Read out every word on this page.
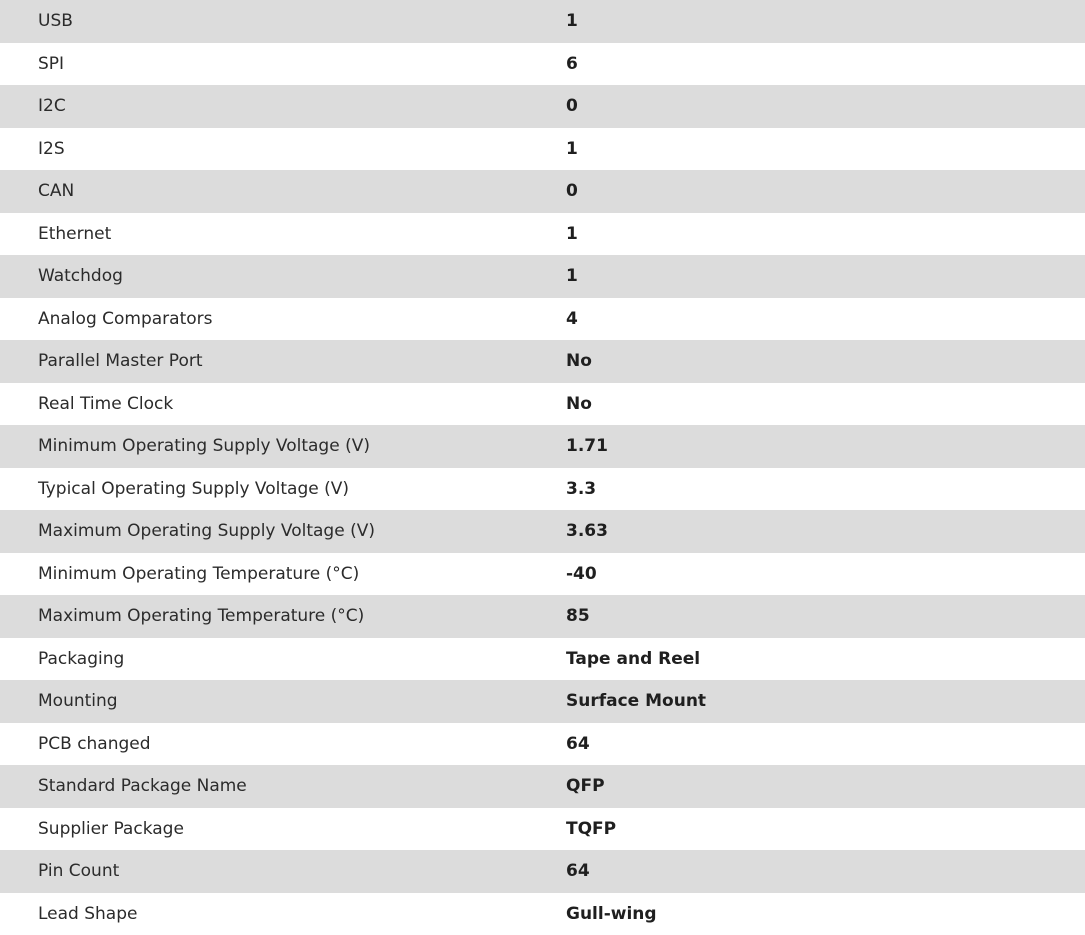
USB	1
SPI	6
I2C	0
I2S	1
CAN	0
Ethernet	1
Watchdog	1
Analog Comparators	4
Parallel Master Port	No
Real Time Clock	No
Minimum Operating Supply Voltage (V)	1.71
Typical Operating Supply Voltage (V)	3.3
Maximum Operating Supply Voltage (V)	3.63
Minimum Operating Temperature (°C)	-40
Maximum Operating Temperature (°C)	85
Packaging	Tape and Reel
Mounting	Surface Mount
PCB changed	64
Standard Package Name	QFP
Supplier Package	TQFP
Pin Count	64
Lead Shape	Gull-wing
